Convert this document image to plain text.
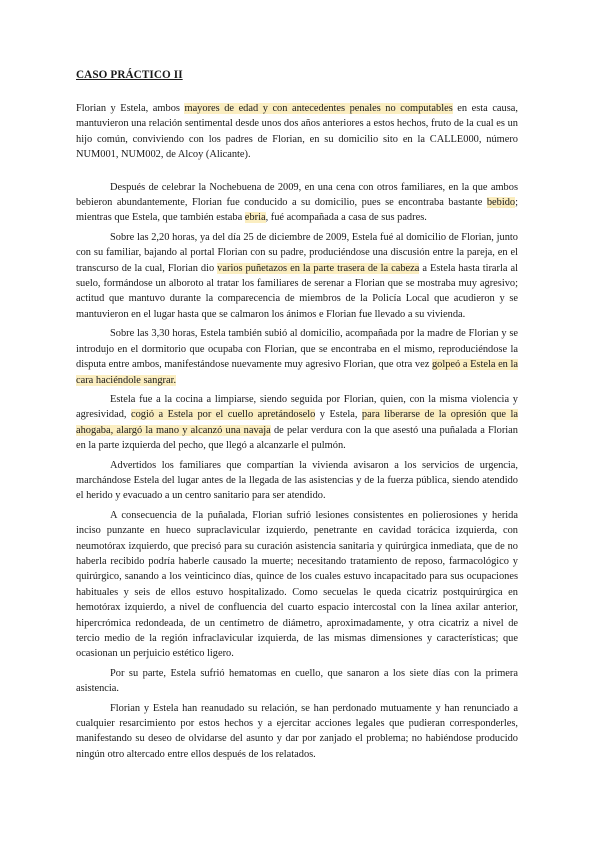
CASO PRÁCTICO II

Florian y Estela, ambos mayores de edad y con antecedentes penales no computables en esta causa, mantuvieron una relación sentimental desde unos dos años anteriores a estos hechos, fruto de la cual es un hijo común, conviviendo con los padres de Florian, en su domicilio sito en la CALLE000, número NUM001, NUM002, de Alcoy (Alicante).

Después de celebrar la Nochebuena de 2009, en una cena con otros familiares, en la que ambos bebieron abundantemente, Florian fue conducido a su domicilio, pues se encontraba bastante bebido; mientras que Estela, que también estaba ebria, fué acompañada a casa de sus padres.

Sobre las 2,20 horas, ya del día 25 de diciembre de 2009, Estela fué al domicilio de Florian, junto con su familiar, bajando al portal Florian con su padre, produciéndose una discusión entre la pareja, en el transcurso de la cual, Florian dio varios puñetazos en la parte trasera de la cabeza a Estela hasta tirarla al suelo, formándose un alboroto al tratar los familiares de serenar a Florian que se mostraba muy agresivo; actitud que mantuvo durante la comparecencia de miembros de la Policía Local que acudieron y se mantuvieron en el lugar hasta que se calmaron los ánimos e Florian fue llevado a su vivienda.

Sobre las 3,30 horas, Estela también subió al domicilio, acompañada por la madre de Florian y se introdujo en el dormitorio que ocupaba con Florian, que se encontraba en el mismo, reproduciéndose la disputa entre ambos, manifestándose nuevamente muy agresivo Florian, que otra vez golpeó a Estela en la cara haciéndole sangrar.

Estela fue a la cocina a limpiarse, siendo seguida por Florian, quien, con la misma violencia y agresividad, cogió a Estela por el cuello apretándoselo y Estela, para liberarse de la opresión que la ahogaba, alargó la mano y alcanzó una navaja de pelar verdura con la que asestó una puñalada a Florian en la parte izquierda del pecho, que llegó a alcanzarle el pulmón.

Advertidos los familiares que compartían la vivienda avisaron a los servicios de urgencia, marchándose Estela del lugar antes de la llegada de las asistencias y de la fuerza pública, siendo atendido el herido y evacuado a un centro sanitario para ser atendido.

A consecuencia de la puñalada, Florian sufrió lesiones consistentes en polierosiones y herida inciso punzante en hueco supraclavicular izquierdo, penetrante en cavidad torácica izquierda, con neumotórax izquierdo, que precisó para su curación asistencia sanitaria y quirúrgica inmediata, que de no haberla recibido podría haberle causado la muerte; necesitando tratamiento de reposo, farmacológico y quirúrgico, sanando a los veinticinco días, quince de los cuales estuvo incapacitado para sus ocupaciones habituales y seis de ellos estuvo hospitalizado. Como secuelas le queda cicatriz postquirúrgica en hemotórax izquierdo, a nivel de confluencia del cuarto espacio intercostal con la línea axilar anterior, hipercrómica redondeada, de un centímetro de diámetro, aproximadamente, y otra cicatriz a nivel de tercio medio de la región infraclavicular izquierda, de las mismas dimensiones y características; que ocasionan un perjuicio estético ligero.

Por su parte, Estela sufrió hematomas en cuello, que sanaron a los siete días con la primera asistencia.

Florian y Estela han reanudado su relación, se han perdonado mutuamente y han renunciado a cualquier resarcimiento por estos hechos y a ejercitar acciones legales que pudieran corresponderles, manifestando su deseo de olvidarse del asunto y dar por zanjado el problema; no habiéndose producido ningún otro altercado entre ellos después de los relatados.
